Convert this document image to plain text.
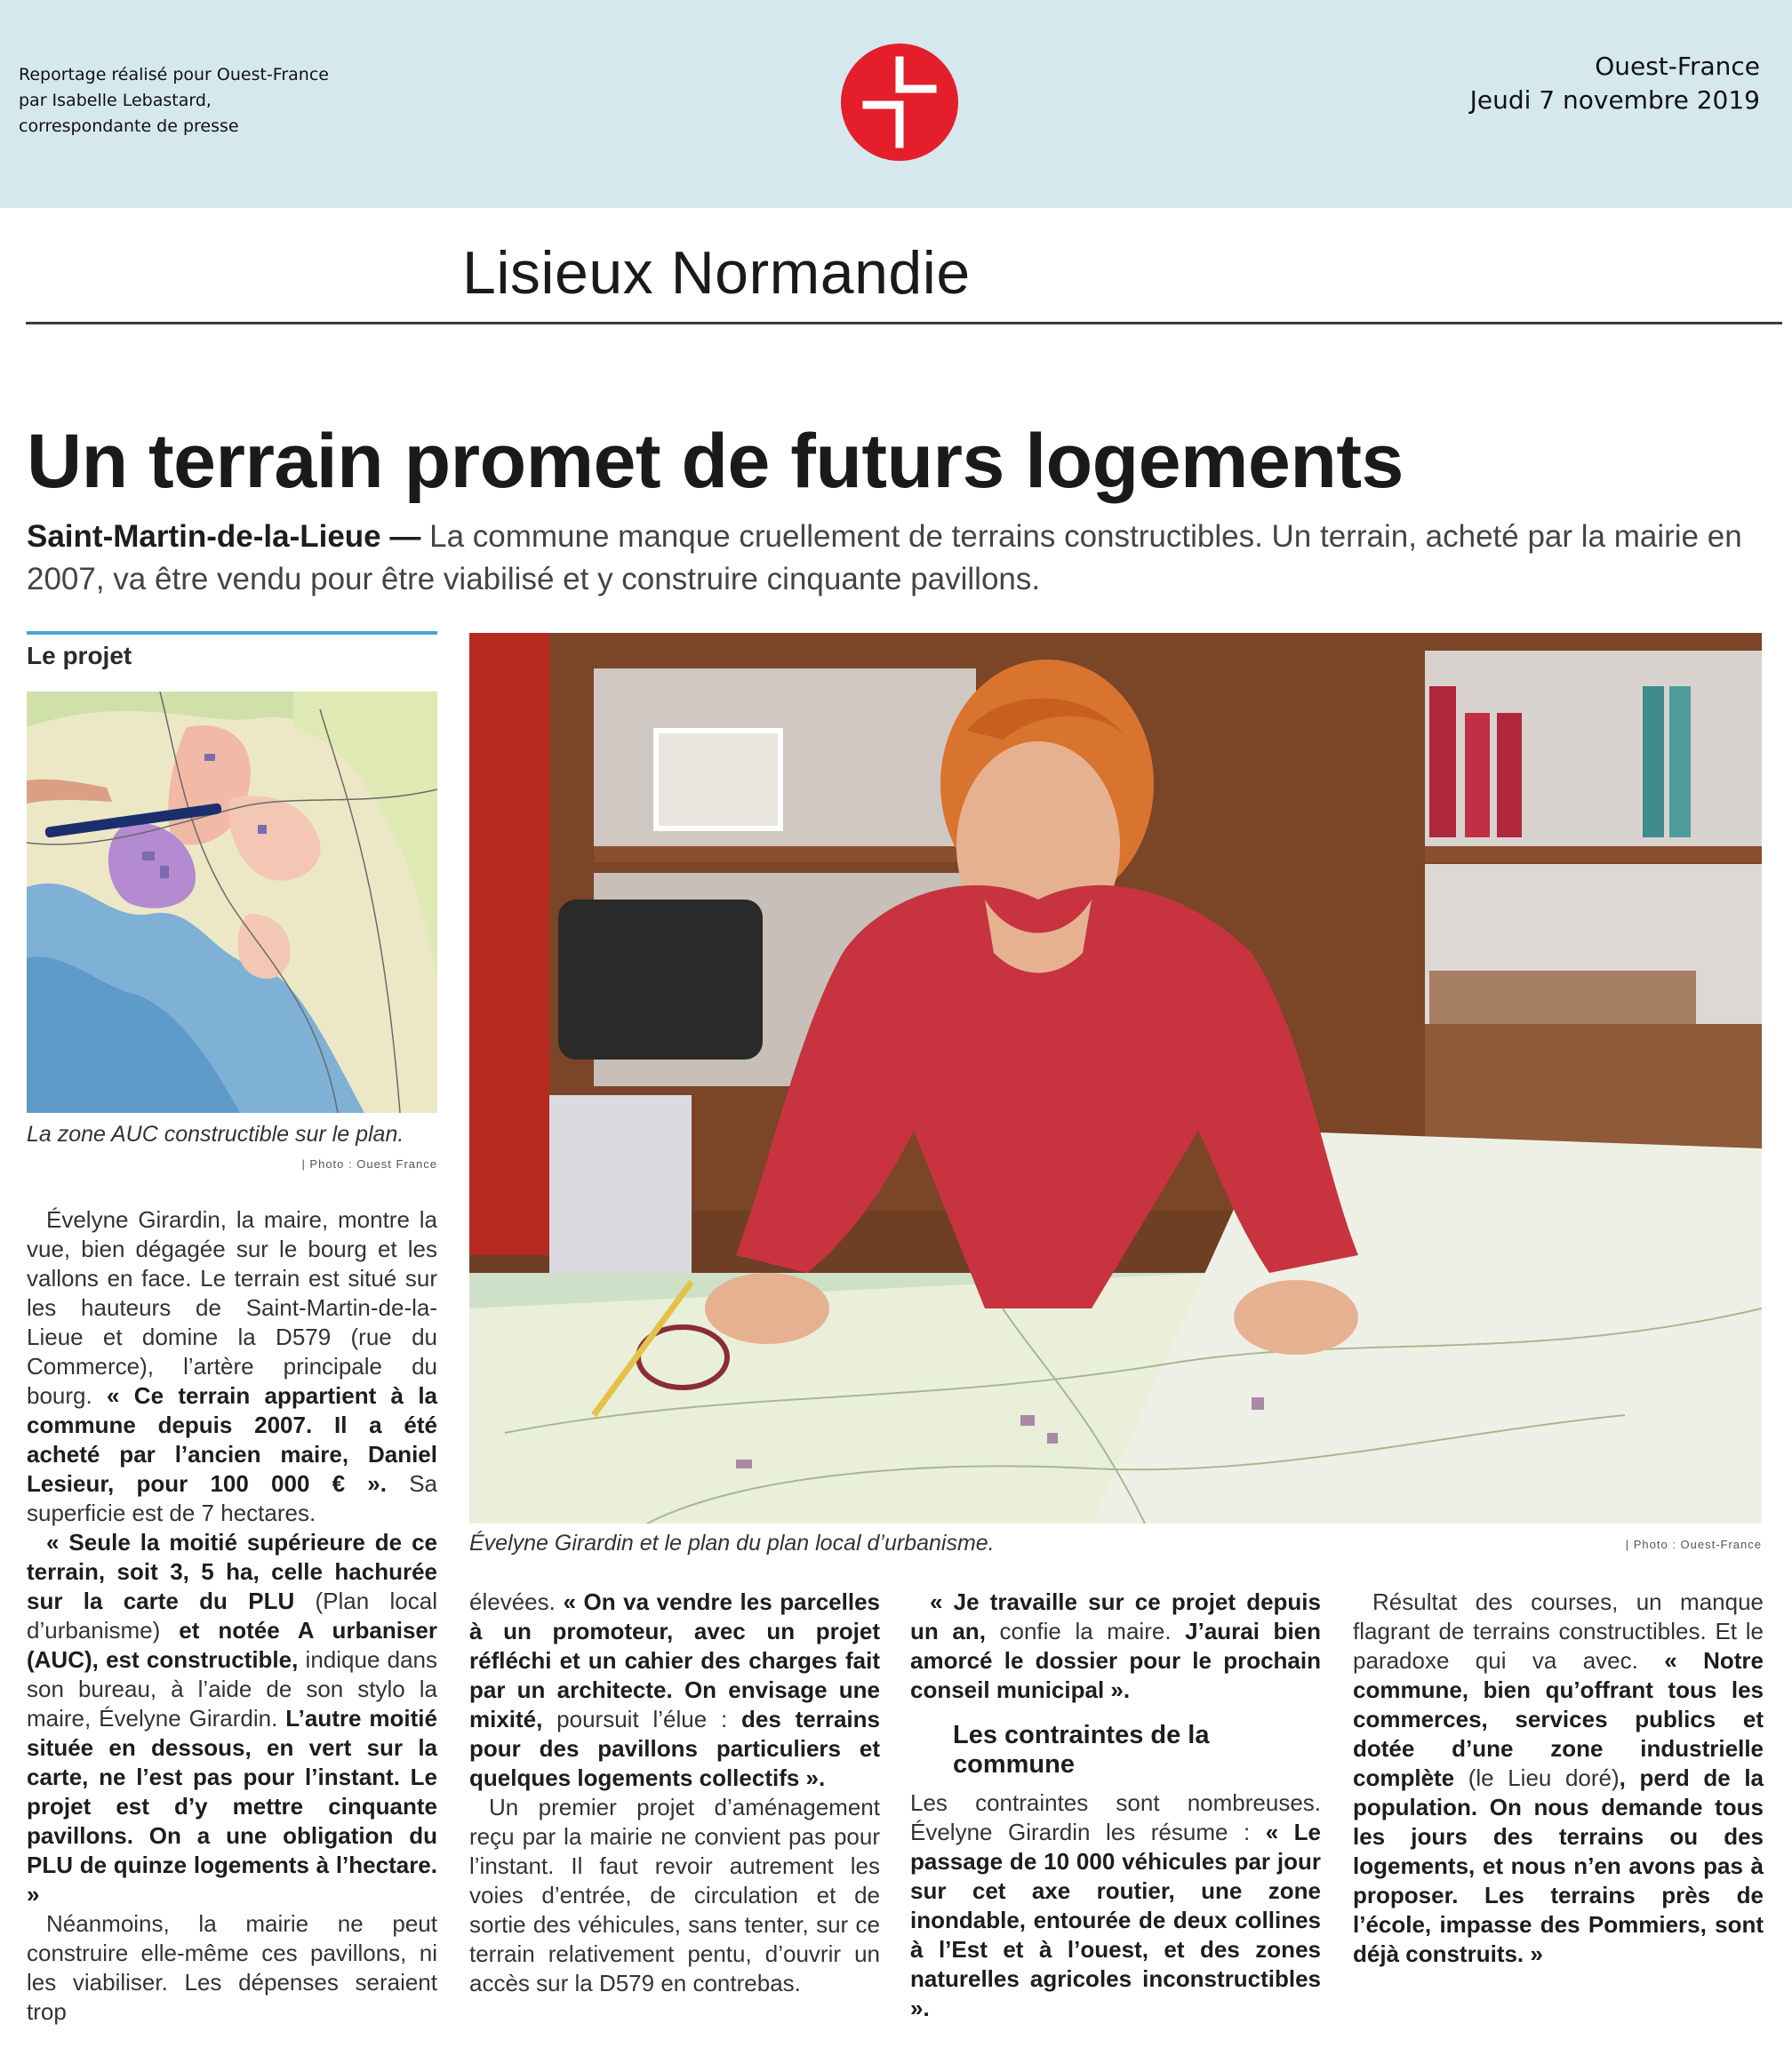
Reportage réalisé pour Ouest-France
par Isabelle Lebastard,
correspondante de presse
Ouest-France
Jeudi 7 novembre 2019
Lisieux Normandie
Un terrain promet de futurs logements
Saint-Martin-de-la-Lieue — La commune manque cruellement de terrains constructibles. Un terrain, acheté par la mairie en 2007, va être vendu pour être viabilisé et y construire cinquante pavillons.
Le projet
La zone AUC constructible sur le plan.
| Photo : Ouest France
Évelyne Girardin et le plan du plan local d’urbanisme.	| Photo : Ouest-France

Évelyne Girardin, la maire, montre la vue, bien dégagée sur le bourg et les vallons en face. Le terrain est situé sur les hauteurs de Saint-Martin-de-la-Lieue et domine la D579 (rue du Commerce), l’artère principale du bourg. « Ce terrain appartient à la commune depuis 2007. Il a été acheté par l’ancien maire, Daniel Lesieur, pour 100 000 € ». Sa superficie est de 7 hectares.

« Seule la moitié supérieure de ce terrain, soit 3, 5 ha, celle hachurée sur la carte du PLU (Plan local d’urbanisme) et notée A urbaniser (AUC), est constructible, indique dans son bureau, à l’aide de son stylo la maire, Évelyne Girardin. L’autre moitié située en dessous, en vert sur la carte, ne l’est pas pour l’instant. Le projet est d’y mettre cinquante pavillons. On a une obligation du PLU de quinze logements à l’hectare. »

Néanmoins, la mairie ne peut construire elle-même ces pavillons, ni les viabiliser. Les dépenses seraient trop

élevées. « On va vendre les parcelles à un promoteur, avec un projet réfléchi et un cahier des charges fait par un architecte. On envisage une mixité, poursuit l’élue : des terrains pour des pavillons particuliers et quelques logements collectifs ».

Un premier projet d’aménagement reçu par la mairie ne convient pas pour l’instant. Il faut revoir autrement les voies d’entrée, de circulation et de sortie des véhicules, sans tenter, sur ce terrain relativement pentu, d’ouvrir un accès sur la D579 en contrebas.

« Je travaille sur ce projet depuis un an, confie la maire. J’aurai bien amorcé le dossier pour le prochain conseil municipal ».

Les contraintes de la commune

Les contraintes sont nombreuses. Évelyne Girardin les résume : « Le passage de 10 000 véhicules par jour sur cet axe routier, une zone inondable, entourée de deux collines à l’Est et à l’ouest, et des zones naturelles agricoles inconstructibles ».

Résultat des courses, un manque flagrant de terrains constructibles. Et le paradoxe qui va avec. « Notre commune, bien qu’offrant tous les commerces, services publics et dotée d’une zone industrielle complète (le Lieu doré), perd de la population. On nous demande tous les jours des terrains ou des logements, et nous n’en avons pas à proposer. Les terrains près de l’école, impasse des Pommiers, sont déjà construits. »
